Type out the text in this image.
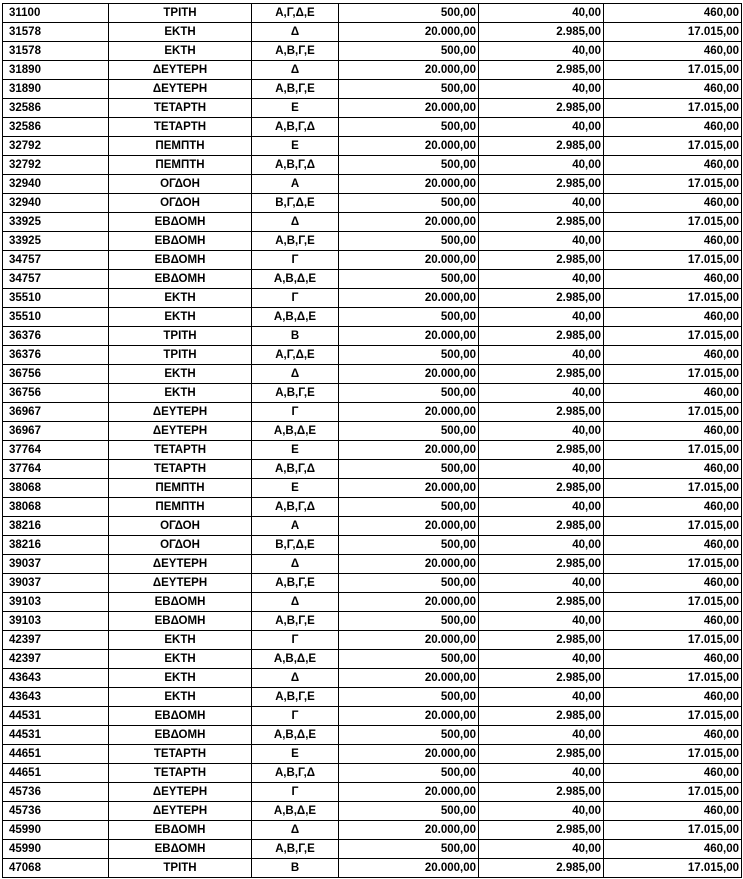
31100	ΤΡΙΤΗ	Α,Γ,Δ,Ε	500,00	40,00	460,00
31578	ΕΚΤΗ	Δ	20.000,00	2.985,00	17.015,00
31578	ΕΚΤΗ	Α,Β,Γ,Ε	500,00	40,00	460,00
31890	ΔΕΥΤΕΡΗ	Δ	20.000,00	2.985,00	17.015,00
31890	ΔΕΥΤΕΡΗ	Α,Β,Γ,Ε	500,00	40,00	460,00
32586	ΤΕΤΑΡΤΗ	Ε	20.000,00	2.985,00	17.015,00
32586	ΤΕΤΑΡΤΗ	Α,Β,Γ,Δ	500,00	40,00	460,00
32792	ΠΕΜΠΤΗ	Ε	20.000,00	2.985,00	17.015,00
32792	ΠΕΜΠΤΗ	Α,Β,Γ,Δ	500,00	40,00	460,00
32940	ΟΓΔΟΗ	Α	20.000,00	2.985,00	17.015,00
32940	ΟΓΔΟΗ	Β,Γ,Δ,Ε	500,00	40,00	460,00
33925	ΕΒΔΟΜΗ	Δ	20.000,00	2.985,00	17.015,00
33925	ΕΒΔΟΜΗ	Α,Β,Γ,Ε	500,00	40,00	460,00
34757	ΕΒΔΟΜΗ	Γ	20.000,00	2.985,00	17.015,00
34757	ΕΒΔΟΜΗ	Α,Β,Δ,Ε	500,00	40,00	460,00
35510	ΕΚΤΗ	Γ	20.000,00	2.985,00	17.015,00
35510	ΕΚΤΗ	Α,Β,Δ,Ε	500,00	40,00	460,00
36376	ΤΡΙΤΗ	Β	20.000,00	2.985,00	17.015,00
36376	ΤΡΙΤΗ	Α,Γ,Δ,Ε	500,00	40,00	460,00
36756	ΕΚΤΗ	Δ	20.000,00	2.985,00	17.015,00
36756	ΕΚΤΗ	Α,Β,Γ,Ε	500,00	40,00	460,00
36967	ΔΕΥΤΕΡΗ	Γ	20.000,00	2.985,00	17.015,00
36967	ΔΕΥΤΕΡΗ	Α,Β,Δ,Ε	500,00	40,00	460,00
37764	ΤΕΤΑΡΤΗ	Ε	20.000,00	2.985,00	17.015,00
37764	ΤΕΤΑΡΤΗ	Α,Β,Γ,Δ	500,00	40,00	460,00
38068	ΠΕΜΠΤΗ	Ε	20.000,00	2.985,00	17.015,00
38068	ΠΕΜΠΤΗ	Α,Β,Γ,Δ	500,00	40,00	460,00
38216	ΟΓΔΟΗ	Α	20.000,00	2.985,00	17.015,00
38216	ΟΓΔΟΗ	Β,Γ,Δ,Ε	500,00	40,00	460,00
39037	ΔΕΥΤΕΡΗ	Δ	20.000,00	2.985,00	17.015,00
39037	ΔΕΥΤΕΡΗ	Α,Β,Γ,Ε	500,00	40,00	460,00
39103	ΕΒΔΟΜΗ	Δ	20.000,00	2.985,00	17.015,00
39103	ΕΒΔΟΜΗ	Α,Β,Γ,Ε	500,00	40,00	460,00
42397	ΕΚΤΗ	Γ	20.000,00	2.985,00	17.015,00
42397	ΕΚΤΗ	Α,Β,Δ,Ε	500,00	40,00	460,00
43643	ΕΚΤΗ	Δ	20.000,00	2.985,00	17.015,00
43643	ΕΚΤΗ	Α,Β,Γ,Ε	500,00	40,00	460,00
44531	ΕΒΔΟΜΗ	Γ	20.000,00	2.985,00	17.015,00
44531	ΕΒΔΟΜΗ	Α,Β,Δ,Ε	500,00	40,00	460,00
44651	ΤΕΤΑΡΤΗ	Ε	20.000,00	2.985,00	17.015,00
44651	ΤΕΤΑΡΤΗ	Α,Β,Γ,Δ	500,00	40,00	460,00
45736	ΔΕΥΤΕΡΗ	Γ	20.000,00	2.985,00	17.015,00
45736	ΔΕΥΤΕΡΗ	Α,Β,Δ,Ε	500,00	40,00	460,00
45990	ΕΒΔΟΜΗ	Δ	20.000,00	2.985,00	17.015,00
45990	ΕΒΔΟΜΗ	Α,Β,Γ,Ε	500,00	40,00	460,00
47068	ΤΡΙΤΗ	Β	20.000,00	2.985,00	17.015,00
